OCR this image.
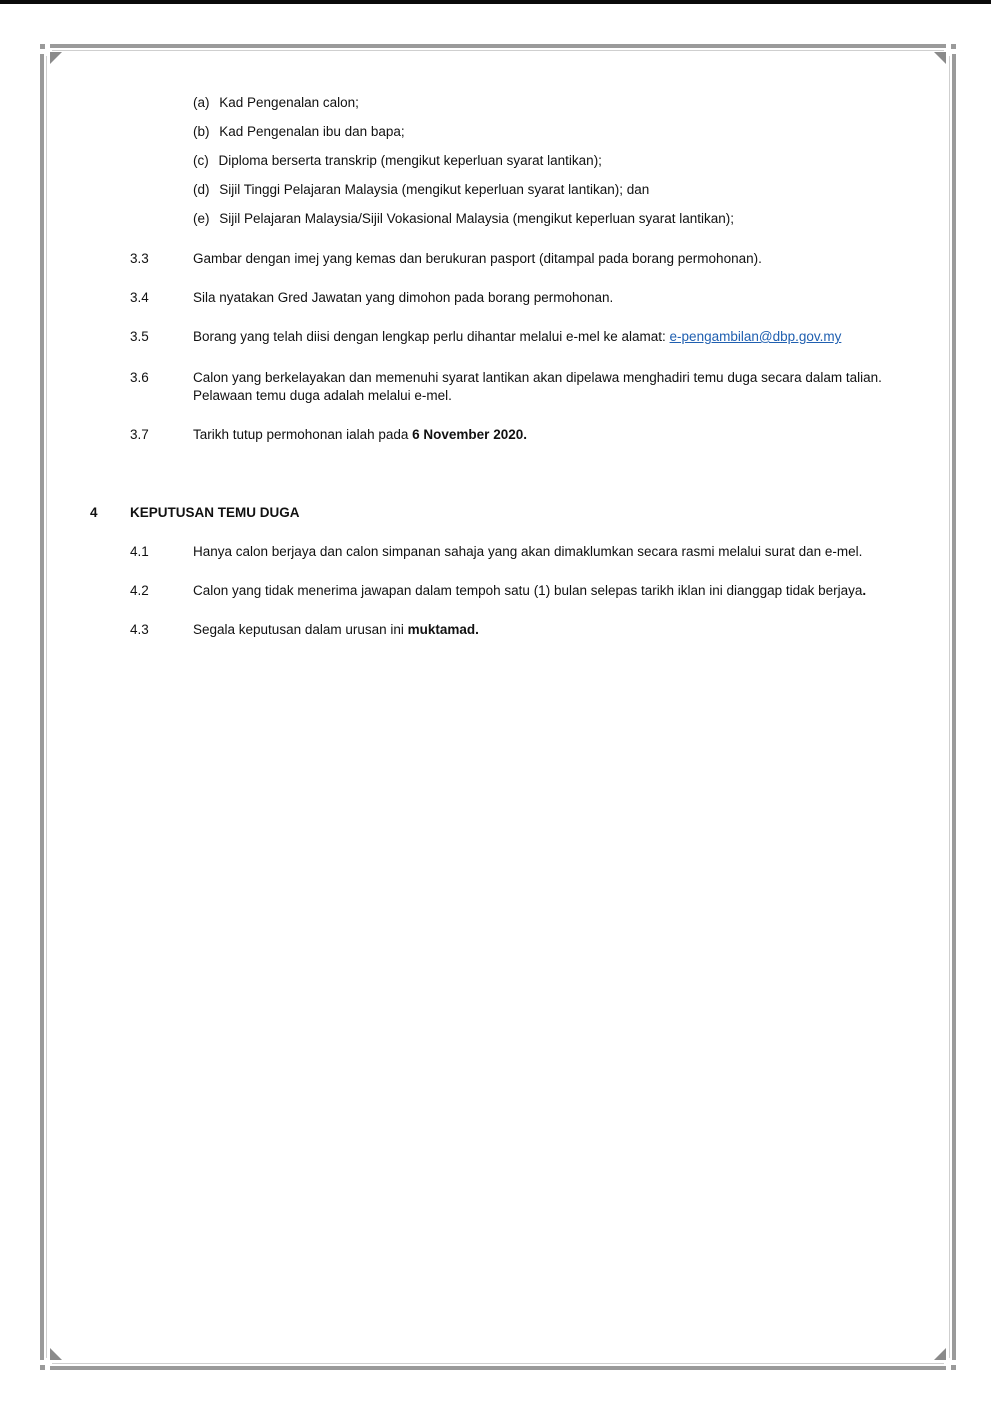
(a) Kad Pengenalan calon;
(b) Kad Pengenalan ibu dan bapa;
(c) Diploma berserta transkrip (mengikut keperluan syarat lantikan);
(d) Sijil Tinggi Pelajaran Malaysia (mengikut keperluan syarat lantikan); dan
(e) Sijil Pelajaran Malaysia/Sijil Vokasional Malaysia (mengikut keperluan syarat lantikan);
3.3	Gambar dengan imej yang kemas dan berukuran pasport (ditampal pada borang permohonan).
3.4	Sila nyatakan Gred Jawatan yang dimohon pada borang permohonan.
3.5	Borang yang telah diisi dengan lengkap perlu dihantar melalui e-mel ke alamat: e-pengambilan@dbp.gov.my
3.6	Calon yang berkelayakan dan memenuhi syarat lantikan akan dipelawa menghadiri temu duga secara dalam talian.
Pelawaan temu duga adalah melalui e-mel.
3.7	Tarikh tutup permohonan ialah pada 6 November 2020.
4 KEPUTUSAN TEMU DUGA
4.1	Hanya calon berjaya dan calon simpanan sahaja yang akan dimaklumkan secara rasmi melalui surat dan e-mel.
4.2	Calon yang tidak menerima jawapan dalam tempoh satu (1) bulan selepas tarikh iklan ini dianggap tidak berjaya.
4.3	Segala keputusan dalam urusan ini muktamad.
